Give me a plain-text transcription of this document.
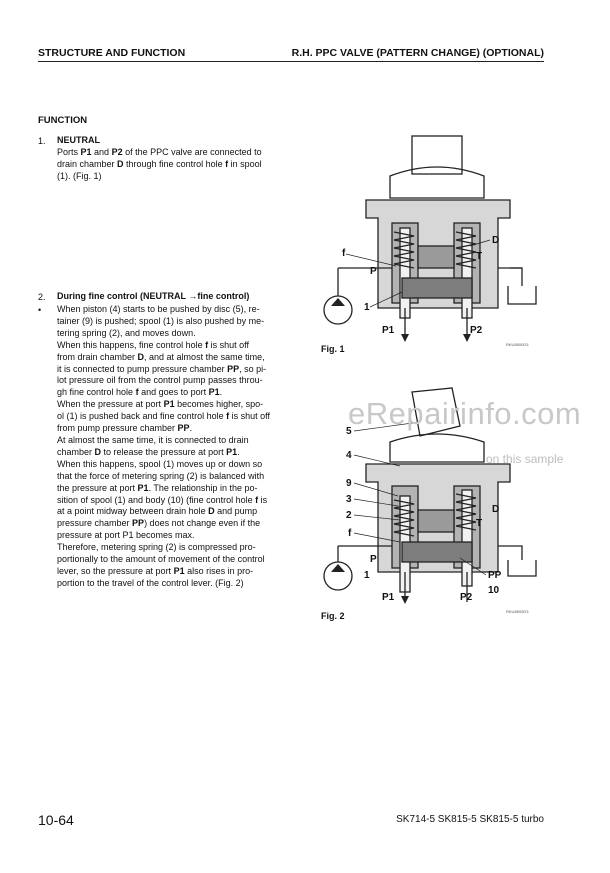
STRUCTURE AND FUNCTION	R.H. PPC VALVE (PATTERN CHANGE) (OPTIONAL)
FUNCTION
1. NEUTRAL
Ports P1 and P2 of the PPC valve are connected to
drain chamber D through fine control hole f in spool
(1). (Fig. 1)
2. During fine control (NEUTRAL →fine control)
• When piston (4) starts to be pushed by disc (5), re-
tainer (9) is pushed; spool (1) is also pushed by me-
tering spring (2), and moves down.
When this happens, fine control hole f is shut off
from drain chamber D, and at almost the same time,
it is connected to pump pressure chamber PP, so pi-
lot pressure oil from the control pump passes throu-
gh fine control hole f and goes to port P1.
When the pressure at port P1 becomes higher, spo-
ol (1) is pushed back and fine control hole f is shut off
from pump pressure chamber PP.
At almost the same time, it is connected to drain
chamber D to release the pressure at port P1.
When this happens, spool (1) moves up or down so
that the force of metering spring (2) is balanced with
the pressure at port P1. The relationship in the po-
sition of spool (1) and body (10) (fine control hole f is
at a point midway between drain hole D and pump
pressure chamber PP) does not change even if the
pressure at port P1 becomes max.
Therefore, metering spring (2) is compressed pro-
portionally to the amount of movement of the control
lever, so the pressure at port P1 also rises in pro-
portion to the travel of the control lever. (Fig. 2)
f
P
1
D
T
P1	P2
Fig. 1	RKU8500D3
5
4
9
3
2
f
P
1
D
T
PP
10
P1	P2
Fig. 2	RKU8500D3
eRepairinfo.com
on this sample
10-64	SK714-5 SK815-5 SK815-5 turbo
